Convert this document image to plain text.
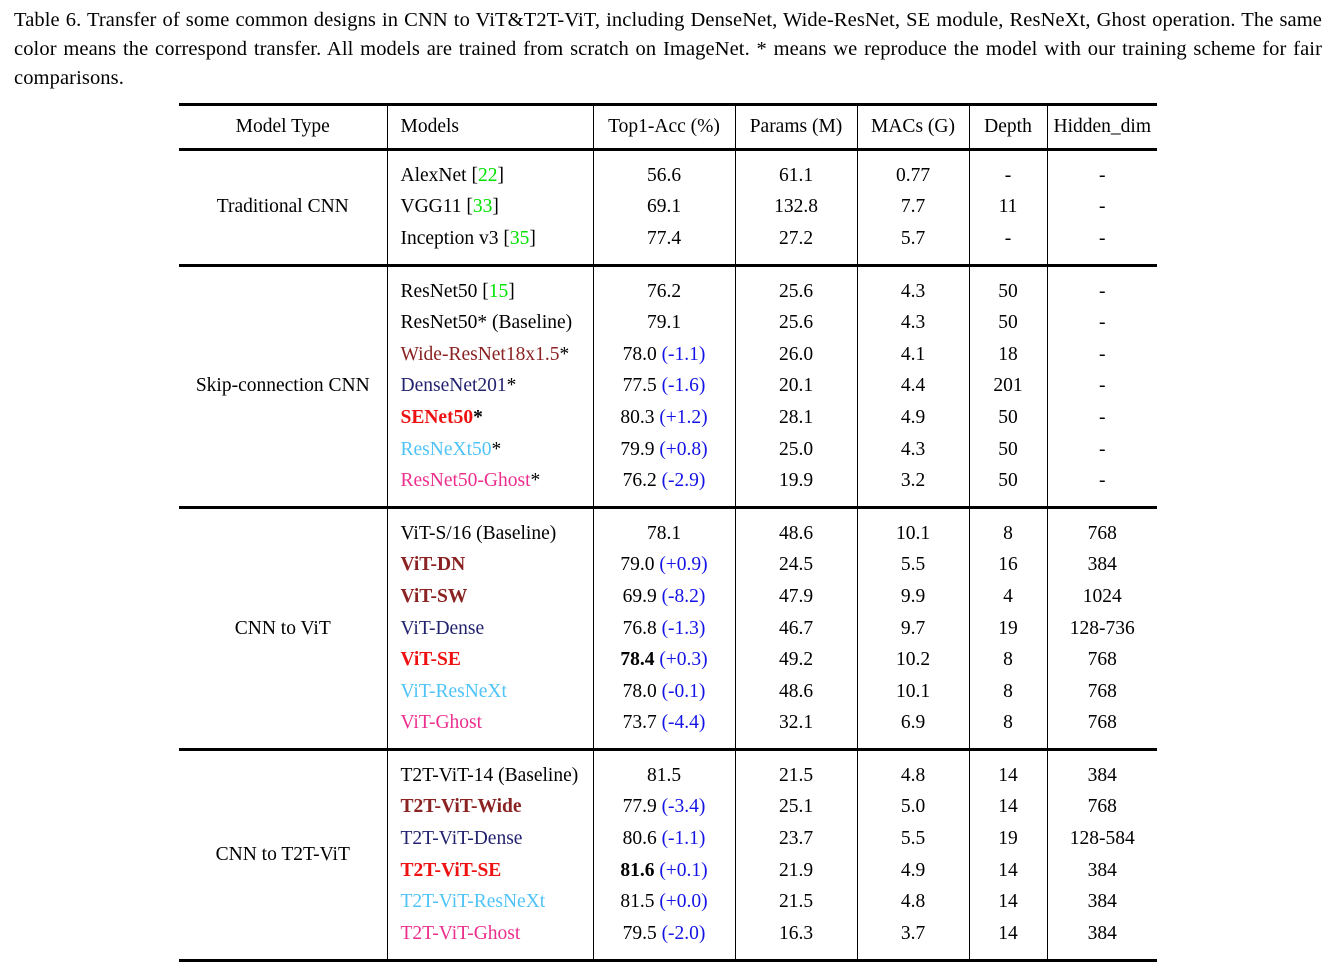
Table 6. Transfer of some common designs in CNN to ViT&T2T-ViT, including DenseNet, Wide-ResNet, SE module, ResNeXt, Ghost operation. The same color means the correspond transfer. All models are trained from scratch on ImageNet. * means we reproduce the model with our training scheme for fair comparisons.

Model Type	Models	Top1-Acc (%)	Params (M)	MACs (G)	Depth	Hidden_dim

Traditional CNN	AlexNet [22]	56.6	61.1	0.77	-	-
	VGG11 [33]	69.1	132.8	7.7	11	-
	Inception v3 [35]	77.4	27.2	5.7	-	-

Skip-connection CNN	ResNet50 [15]	76.2	25.6	4.3	50	-
	ResNet50* (Baseline)	79.1	25.6	4.3	50	-
	Wide-ResNet18x1.5*	78.0 (-1.1)	26.0	4.1	18	-
	DenseNet201*	77.5 (-1.6)	20.1	4.4	201	-
	SENet50*	80.3 (+1.2)	28.1	4.9	50	-
	ResNeXt50*	79.9 (+0.8)	25.0	4.3	50	-
	ResNet50-Ghost*	76.2 (-2.9)	19.9	3.2	50	-

CNN to ViT	ViT-S/16 (Baseline)	78.1	48.6	10.1	8	768
	ViT-DN	79.0 (+0.9)	24.5	5.5	16	384
	ViT-SW	69.9 (-8.2)	47.9	9.9	4	1024
	ViT-Dense	76.8 (-1.3)	46.7	9.7	19	128-736
	ViT-SE	78.4 (+0.3)	49.2	10.2	8	768
	ViT-ResNeXt	78.0 (-0.1)	48.6	10.1	8	768
	ViT-Ghost	73.7 (-4.4)	32.1	6.9	8	768

CNN to T2T-ViT	T2T-ViT-14 (Baseline)	81.5	21.5	4.8	14	384
	T2T-ViT-Wide	77.9 (-3.4)	25.1	5.0	14	768
	T2T-ViT-Dense	80.6 (-1.1)	23.7	5.5	19	128-584
	T2T-ViT-SE	81.6 (+0.1)	21.9	4.9	14	384
	T2T-ViT-ResNeXt	81.5 (+0.0)	21.5	4.8	14	384
	T2T-ViT-Ghost	79.5 (-2.0)	16.3	3.7	14	384
